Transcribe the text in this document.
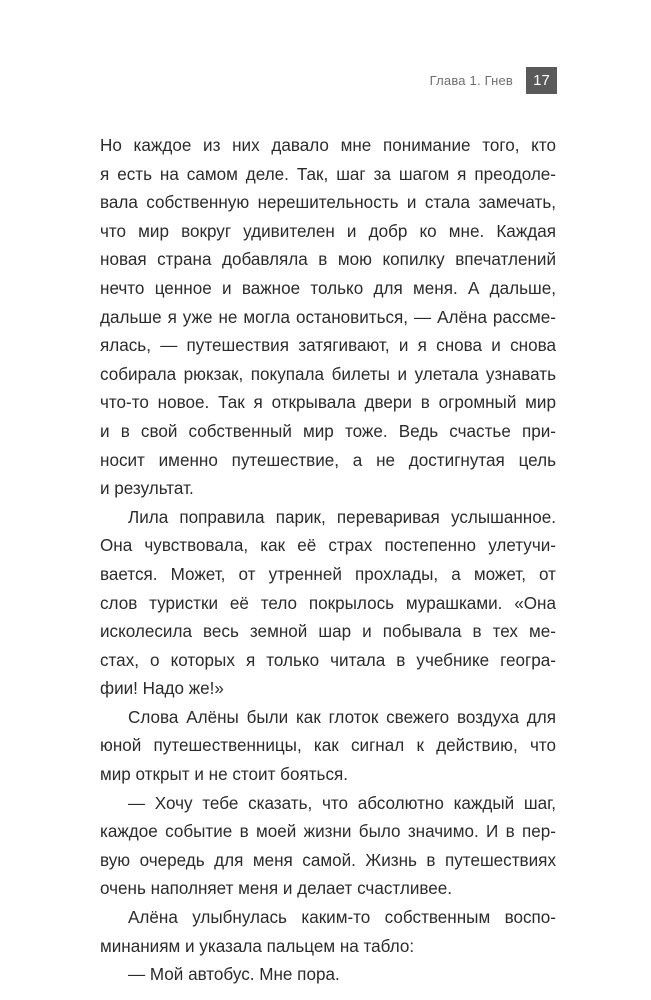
Глава 1. Гнев	17
Но каждое из них давало мне понимание того, кто
я есть на самом деле. Так, шаг за шагом я преодоле-
вала собственную нерешительность и стала замечать,
что мир вокруг удивителен и добр ко мне. Каждая
новая страна добавляла в мою копилку впечатлений
нечто ценное и важное только для меня. А дальше,
дальше я уже не могла остановиться, — Алёна рассме-
ялась, — путешествия затягивают, и я снова и снова
собирала рюкзак, покупала билеты и улетала узнавать
что-то новое. Так я открывала двери в огромный мир
и в свой собственный мир тоже. Ведь счастье при-
носит именно путешествие, а не достигнутая цель
и результат.
Лила поправила парик, переваривая услышанное.
Она чувствовала, как её страх постепенно улетучи-
вается. Может, от утренней прохлады, а может, от
слов туристки её тело покрылось мурашками. «Она
исколесила весь земной шар и побывала в тех ме-
стах, о которых я только читала в учебнике геогра-
фии! Надо же!»
Слова Алёны были как глоток свежего воздуха для
юной путешественницы, как сигнал к действию, что
мир открыт и не стоит бояться.
— Хочу тебе сказать, что абсолютно каждый шаг,
каждое событие в моей жизни было значимо. И в пер-
вую очередь для меня самой. Жизнь в путешествиях
очень наполняет меня и делает счастливее.
Алёна улыбнулась каким-то собственным воспо-
минаниям и указала пальцем на табло:
— Мой автобус. Мне пора.
